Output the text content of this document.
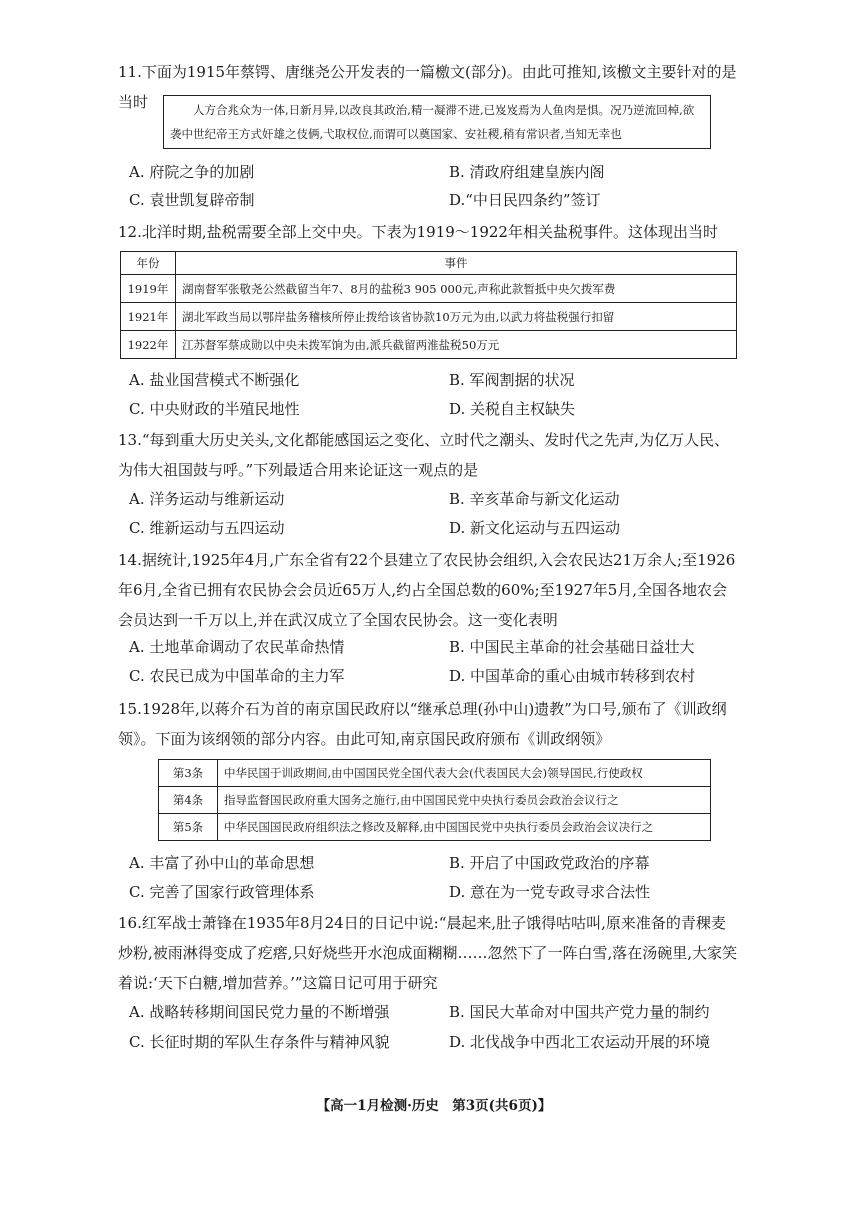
11.下面为1915年蔡锷、唐继尧公开发表的一篇檄文(部分)。由此可推知,该檄文主要针对的是当时	人方合兆众为一体,日新月异,以改良其政治,精一凝滞不进,已岌岌焉为人鱼肉是惧。况乃逆流回棹,欲袭中世纪帝王方式奸雄之伎俩,弋取权位,而谓可以奠国家、安社稷,稍有常识者,当知无幸也
A. 府院之争的加剧	B. 清政府组建皇族内阁
C. 袁世凯复辟帝制	D.“中日民四条约”签订
12.北洋时期,盐税需要全部上交中央。下表为1919～1922年相关盐税事件。这体现出当时
年份	事件
1919年	湖南督军张敬尧公然截留当年7、8月的盐税3 905 000元,声称此款暂抵中央欠拨军费
1921年	湖北军政当局以鄂岸盐务稽核所停止拨给该省协款10万元为由,以武力将盐税强行扣留
1922年	江苏督军蔡成勋以中央未拨军饷为由,派兵截留两淮盐税50万元
A. 盐业国营模式不断强化	B. 军阀割据的状况
C. 中央财政的半殖民地性	D. 关税自主权缺失
13.“每到重大历史关头,文化都能感国运之变化、立时代之潮头、发时代之先声,为亿万人民、为伟大祖国鼓与呼。”下列最适合用来论证这一观点的是
A. 洋务运动与维新运动	B. 辛亥革命与新文化运动
C. 维新运动与五四运动	D. 新文化运动与五四运动
14.据统计,1925年4月,广东全省有22个县建立了农民协会组织,入会农民达21万余人;至1926年6月,全省已拥有农民协会会员近65万人,约占全国总数的60%;至1927年5月,全国各地农会会员达到一千万以上,并在武汉成立了全国农民协会。这一变化表明
A. 土地革命调动了农民革命热情	B. 中国民主革命的社会基础日益壮大
C. 农民已成为中国革命的主力军	D. 中国革命的重心由城市转移到农村
15.1928年,以蒋介石为首的南京国民政府以“继承总理(孙中山)遗教”为口号,颁布了《训政纲领》。下面为该纲领的部分内容。由此可知,南京国民政府颁布《训政纲领》
第3条	中华民国于训政期间,由中国国民党全国代表大会(代表国民大会)领导国民,行使政权
第4条	指导监督国民政府重大国务之施行,由中国国民党中央执行委员会政治会议行之
第5条	中华民国国民政府组织法之修改及解释,由中国国民党中央执行委员会政治会议决行之
A. 丰富了孙中山的革命思想	B. 开启了中国政党政治的序幕
C. 完善了国家行政管理体系	D. 意在为一党专政寻求合法性
16.红军战士萧锋在1935年8月24日的日记中说:“晨起来,肚子饿得咕咕叫,原来准备的青稞麦炒粉,被雨淋得变成了疙瘩,只好烧些开水泡成面糊糊……忽然下了一阵白雪,落在汤碗里,大家笑着说:‘天下白糖,增加营养。’”这篇日记可用于研究
A. 战略转移期间国民党力量的不断增强	B. 国民大革命对中国共产党力量的制约
C. 长征时期的军队生存条件与精神风貌	D. 北伐战争中西北工农运动开展的环境
【高一1月检测·历史　第3页(共6页)】
